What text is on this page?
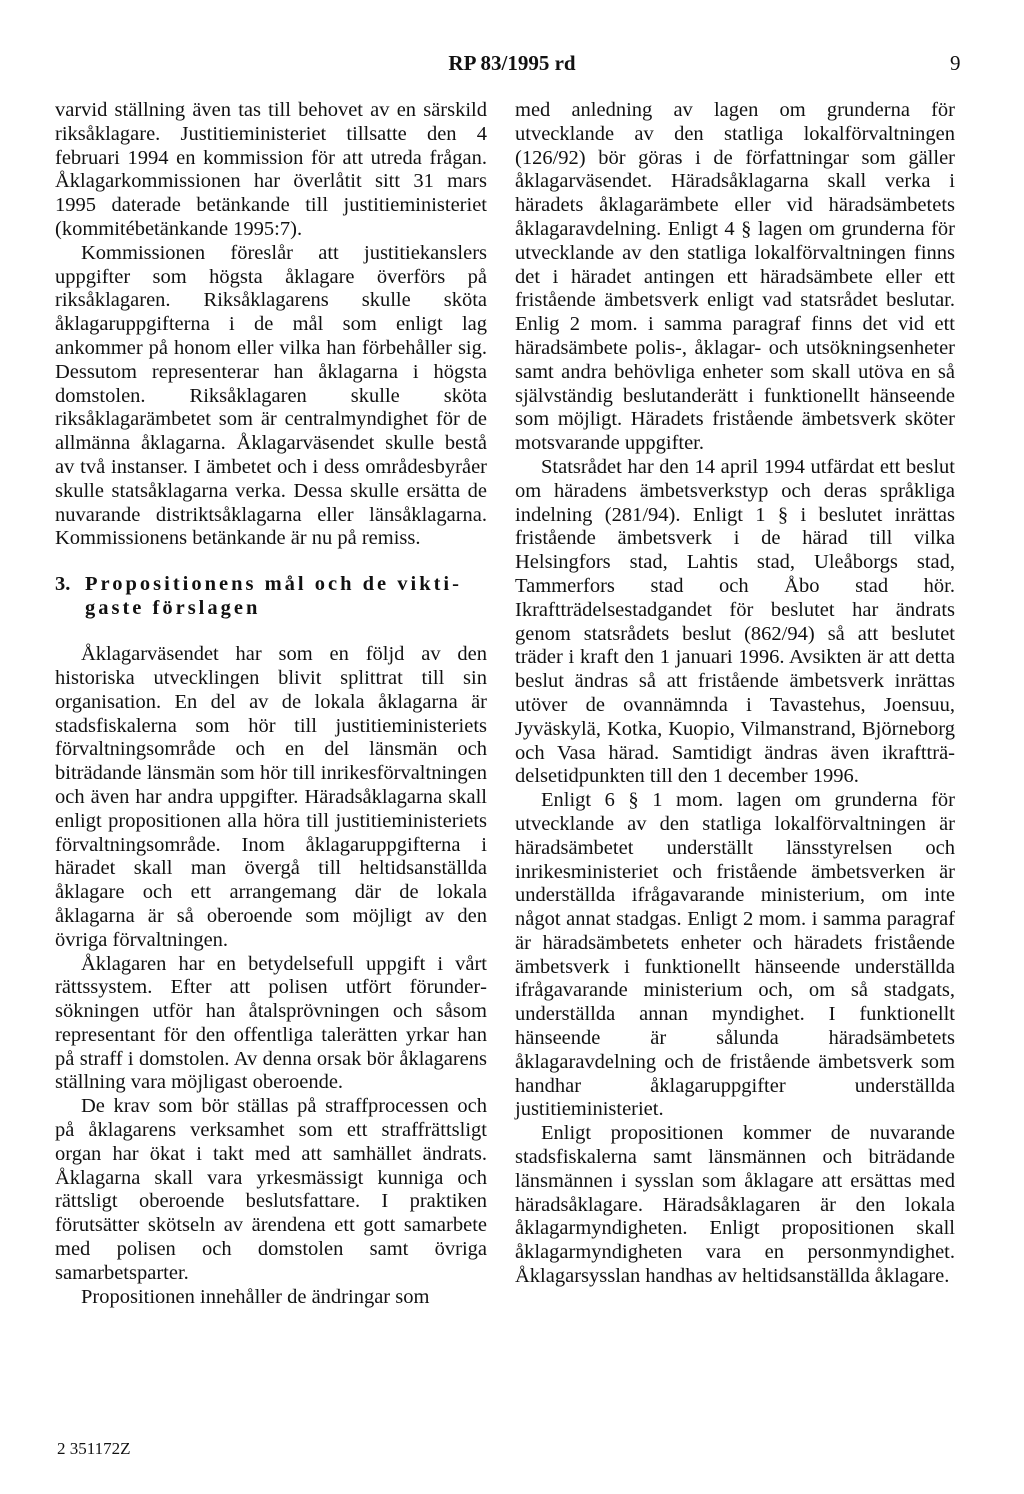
RP 83/1995 rd	9

varvid ställning även tas till behovet av en särskild riksåklagare. Justitieministeriet tillsatte den 4 februari 1994 en kommission för att utreda frågan. Åklagarkommissionen har överlåtit sitt 31 mars 1995 daterade betänkande till justitieministeriet (kommitébetänkande 1995:7).

Kommissionen föreslår att justitiekanslers uppgifter som högsta åklagare överförs på riksåklagaren. Riksåklagarens skulle sköta åklagaruppgifterna i de mål som enligt lag ankommer på honom eller vilka han förbehåller sig. Dessutom representerar han åklagarna i högsta domstolen. Riksåklagaren skulle sköta riksåklagarämbetet som är centralmyndighet för de allmänna åklagarna. Åklagarväsendet skulle bestå av två instanser. I ämbetet och i dess områdesbyråer skulle statsåklagarna verka. Dessa skulle ersätta de nuvarande distriktsåklagarna eller länsåklagarna. Kommissionens betänkande är nu på remiss.

3. Propositionens mål och de viktigaste förslagen

Åklagarväsendet har som en följd av den historiska utvecklingen blivit splittrat till sin organisation. En del av de lokala åklagarna är stadsfiskalerna som hör till justitieministeriets förvaltningsområde och en del länsmän och biträdande länsmän som hör till inrikesförvaltningen och även har andra uppgifter. Häradsåklagarna skall enligt propositionen alla höra till justitieministeriets förvaltningsområde. Inom åklagaruppgifterna i häradet skall man övergå till heltidsanställda åklagare och ett arrangemang där de lokala åklagarna är så oberoende som möjligt av den övriga förvaltningen.

Åklagaren har en betydelsefull uppgift i vårt rättssystem. Efter att polisen utfört förundersökningen utför han åtalsprövningen och såsom representant för den offentliga talerätten yrkar han på straff i domstolen. Av denna orsak bör åklagarens ställning vara möjligast oberoende.

De krav som bör ställas på straffprocessen och på åklagarens verksamhet som ett straffrättsligt organ har ökat i takt med att samhället ändrats. Åklagarna skall vara yrkesmässigt kunniga och rättsligt oberoende beslutsfattare. I praktiken förutsätter skötseln av ärendena ett gott samarbete med polisen och domstolen samt övriga samarbetsparter.

Propositionen innehåller de ändringar som

med anledning av lagen om grunderna för utvecklande av den statliga lokalförvaltningen (126/92) bör göras i de författningar som gäller åklagarväsendet. Häradsåklagarna skall verka i häradets åklagarämbete eller vid häradsämbetets åklagaravdelning. Enligt 4 § lagen om grunderna för utvecklande av den statliga lokalförvaltningen finns det i häradet antingen ett häradsämbete eller ett fristående ämbetsverk enligt vad statsrådet beslutar. Enlig 2 mom. i samma paragraf finns det vid ett häradsämbete polis-, åklagar- och utsökningsenheter samt andra behövliga enheter som skall utöva en så självständig beslutanderätt i funktionellt hänseende som möjligt. Häradets fristående ämbetsverk sköter motsvarande uppgifter.

Statsrådet har den 14 april 1994 utfärdat ett beslut om häradens ämbetsverkstyp och deras språkliga indelning (281/94). Enligt 1 § i beslutet inrättas fristående ämbetsverk i de härad till vilka Helsingfors stad, Lahtis stad, Uleåborgs stad, Tammerfors stad och Åbo stad hör. Ikraftträdelsestadgandet för beslutet har ändrats genom statsrådets beslut (862/94) så att beslutet träder i kraft den 1 januari 1996. Avsikten är att detta beslut ändras så att fristående ämbetsverk inrättas utöver de ovannämnda i Tavastehus, Joensuu, Jyväskylä, Kotka, Kuopio, Vilmanstrand, Björneborg och Vasa härad. Samtidigt ändras även ikraftträdelsetidpunkten till den 1 december 1996.

Enligt 6 § 1 mom. lagen om grunderna för utvecklande av den statliga lokalförvaltningen är häradsämbetet underställt länsstyrelsen och inrikesministeriet och fristående ämbetsverken är underställda ifrågavarande ministerium, om inte något annat stadgas. Enligt 2 mom. i samma paragraf är häradsämbetets enheter och häradets fristående ämbetsverk i funktionellt hänseende underställda ifrågavarande ministerium och, om så stadgats, underställda annan myndighet. I funktionellt hänseende är sålunda häradsämbetets åklagaravdelning och de fristående ämbetsverk som handhar åklagaruppgifter underställda justitieministeriet.

Enligt propositionen kommer de nuvarande stadsfiskalerna samt länsmännen och biträdande länsmännen i sysslan som åklagare att ersättas med häradsåklagare. Häradsåklagaren är den lokala åklagarmyndigheten. Enligt propositionen skall åklagarmyndigheten vara en personmyndighet. Åklagarsysslan handhas av heltidsanställda åklagare.

2 351172Z
